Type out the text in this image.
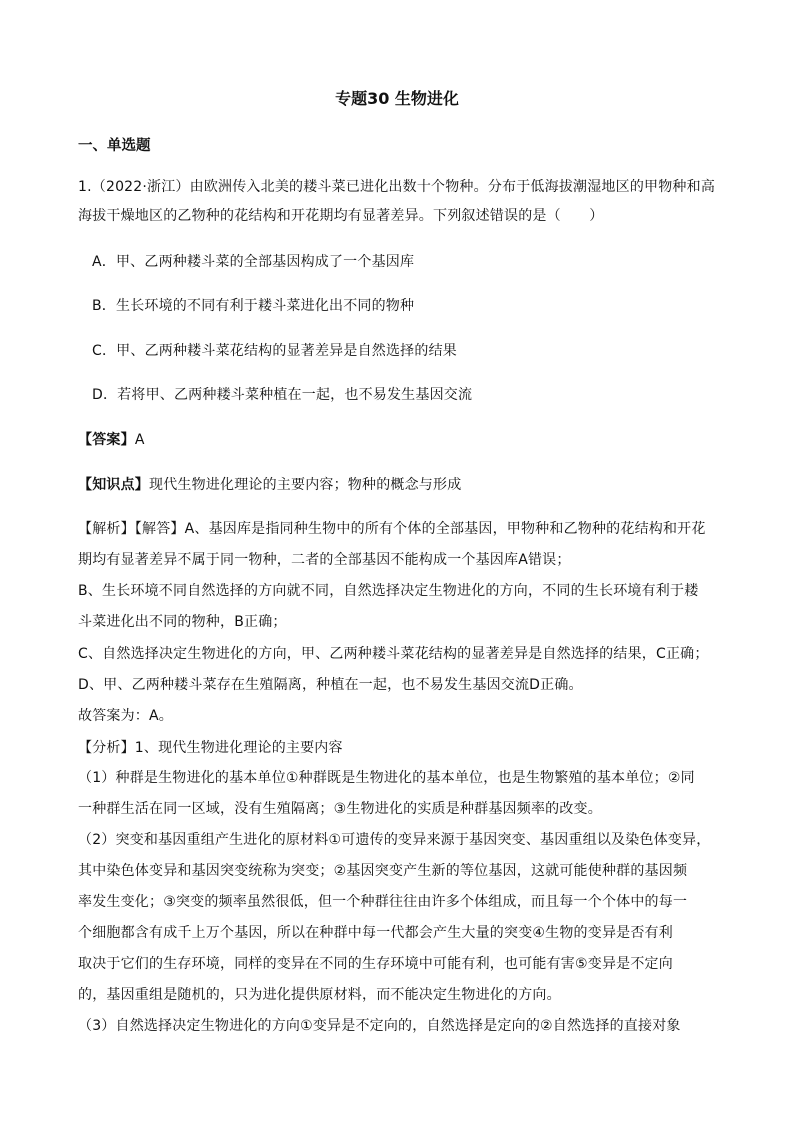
专题30 生物进化
一、单选题
1.（2022·浙江）由欧洲传入北美的耧斗菜已进化出数十个物种。分布于低海拔潮湿地区的甲物种和高
海拔干燥地区的乙物种的花结构和开花期均有显著差异。下列叙述错误的是（　　）
A．甲、乙两种耧斗菜的全部基因构成了一个基因库
B．生长环境的不同有利于耧斗菜进化出不同的物种
C．甲、乙两种耧斗菜花结构的显著差异是自然选择的结果
D．若将甲、乙两种耧斗菜种植在一起，也不易发生基因交流
【答案】A
【知识点】现代生物进化理论的主要内容；物种的概念与形成
【解析】【解答】A、基因库是指同种生物中的所有个体的全部基因，甲物种和乙物种的花结构和开花
期均有显著差异不属于同一物种，二者的全部基因不能构成一个基因库A错误；
B、生长环境不同自然选择的方向就不同，自然选择决定生物进化的方向，不同的生长环境有利于耧
斗菜进化出不同的物种，B正确；
C、自然选择决定生物进化的方向，甲、乙两种耧斗菜花结构的显著差异是自然选择的结果，C正确；
D、甲、乙两种耧斗菜存在生殖隔离，种植在一起，也不易发生基因交流D正确。
故答案为：A。
【分析】1、现代生物进化理论的主要内容
（1）种群是生物进化的基本单位①种群既是生物进化的基本单位，也是生物繁殖的基本单位；②同
一种群生活在同一区域，没有生殖隔离；③生物进化的实质是种群基因频率的改变。
（2）突变和基因重组产生进化的原材料①可遗传的变异来源于基因突变、基因重组以及染色体变异，
其中染色体变异和基因突变统称为突变；②基因突变产生新的等位基因，这就可能使种群的基因频
率发生变化；③突变的频率虽然很低，但一个种群往往由许多个体组成，而且每一个个体中的每一
个细胞都含有成千上万个基因，所以在种群中每一代都会产生大量的突变④生物的变异是否有利
取决于它们的生存环境，同样的变异在不同的生存环境中可能有利，也可能有害⑤变异是不定向
的，基因重组是随机的，只为进化提供原材料，而不能决定生物进化的方向。
（3）自然选择决定生物进化的方向①变异是不定向的，自然选择是定向的②自然选择的直接对象
